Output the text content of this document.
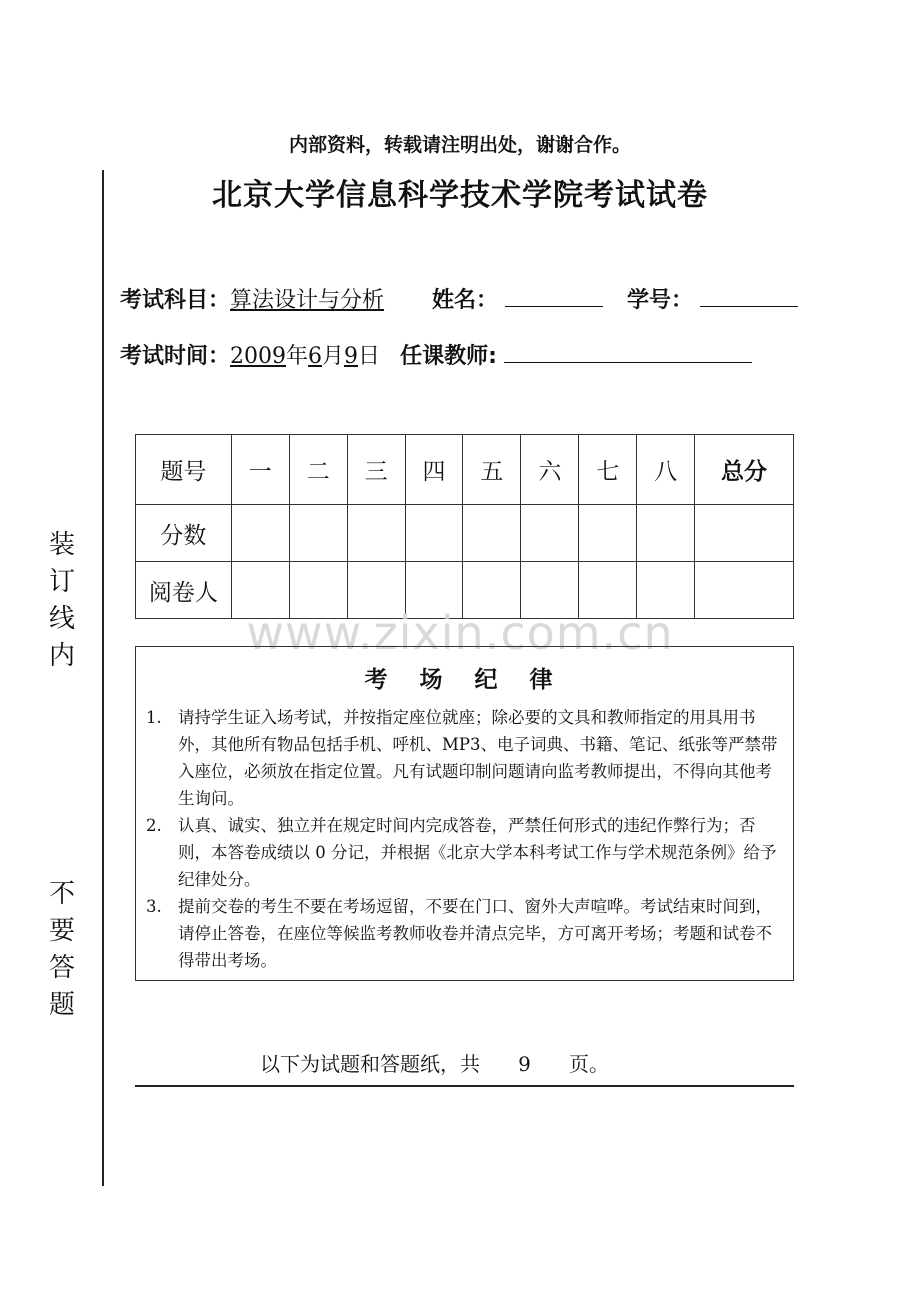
装
订
线
内
不
要
答
题
内部资料，转载请注明出处，谢谢合作。
北京大学信息科学技术学院考试试卷
考试科目：算法设计与分析 姓名：	学号：
考试时间：2009年6月9日 任课教师:
题号	一	二	三	四	五	六	七	八	总分
分数									
阅卷人									
www.zixin.com.cn
考 场 纪 律
1. 请持学生证入场考试，并按指定座位就座；除必要的文具和教师指定的用具用书外，其他所有物品包括手机、呼机、MP3、电子词典、书籍、笔记、纸张等严禁带入座位，必须放在指定位置。凡有试题印制问题请向监考教师提出，不得向其他考生询问。
2. 认真、诚实、独立并在规定时间内完成答卷，严禁任何形式的违纪作弊行为；否则，本答卷成绩以 0 分记，并根据《北京大学本科考试工作与学术规范条例》给予纪律处分。
3. 提前交卷的考生不要在考场逗留，不要在门口、窗外大声喧哗。考试结束时间到，请停止答卷，在座位等候监考教师收卷并清点完毕，方可离开考场；考题和试卷不得带出考场。
以下为试题和答题纸，共 9 页。
